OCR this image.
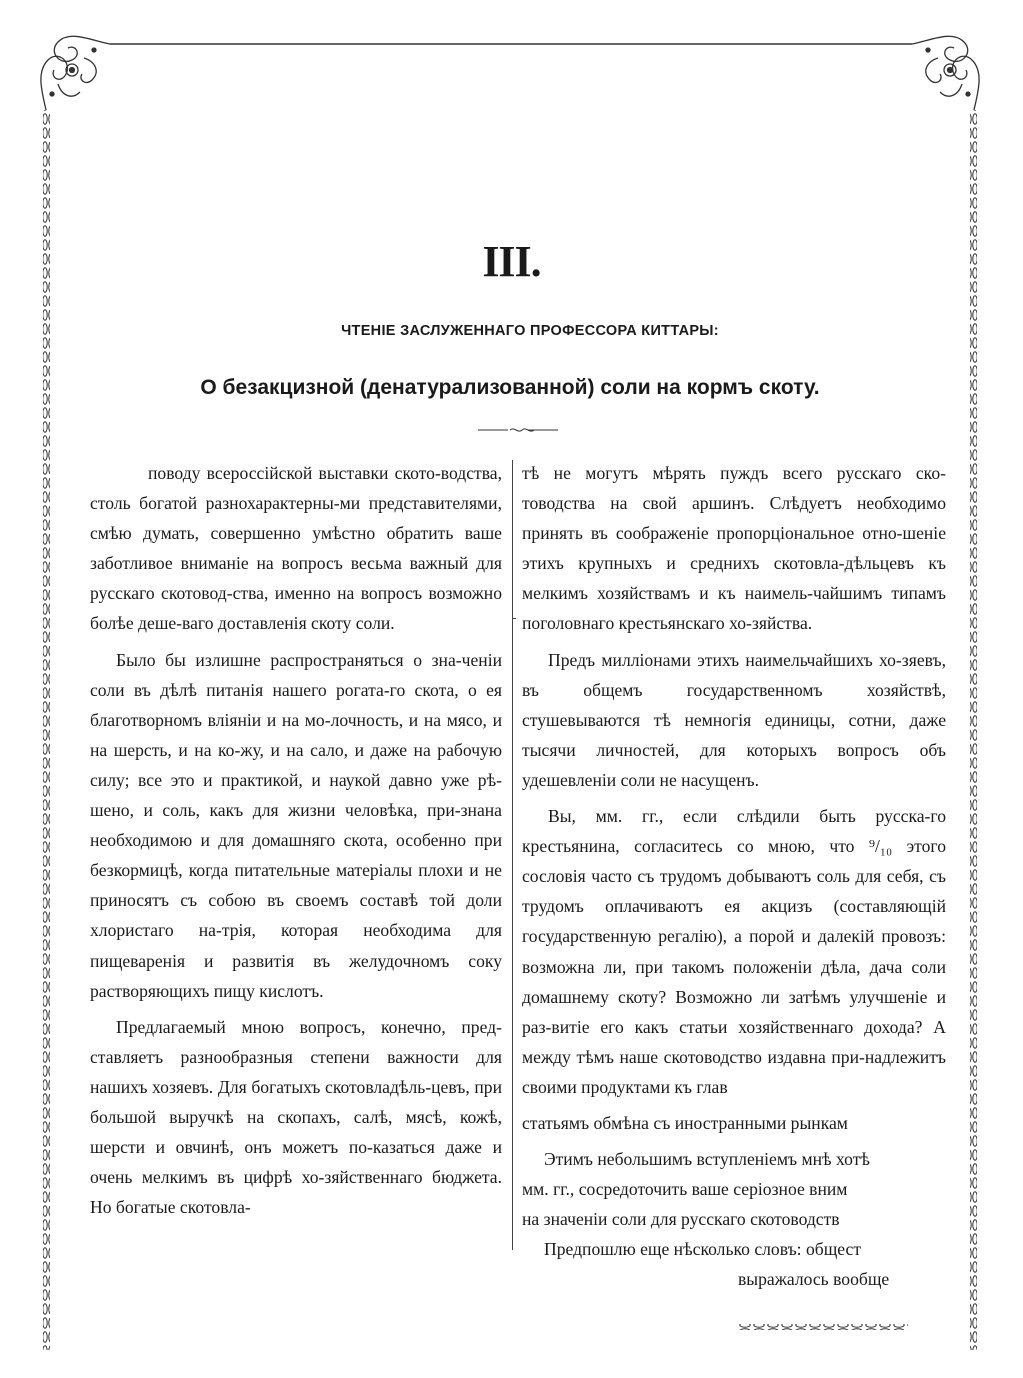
III.
ЧТЕНІЕ ЗАСЛУЖЕННАГО ПРОФЕССОРА КИТТАРЫ:
О безакцизной (денатурализованной) соли на кормъ скоту.

поводу всероссійской выставки ското-водства, столь богатой разнохарактерны-ми представителями, смѣю думать, совершенно умѣстно обратить ваше заботливое вниманіе на вопросъ весьма важный для русскаго скотовод-ства, именно на вопросъ возможно болѣе деше-ваго доставленія скоту соли.

Было бы излишне распространяться о зна-ченіи соли въ дѣлѣ питанія нашего рогата-го скота, о ея благотворномъ вліяніи и на мо-лочность, и на мясо, и на шерсть, и на ко-жу, и на сало, и даже на рабочую силу; все это и практикой, и наукой давно уже рѣ-шено, и соль, какъ для жизни человѣка, при-знана необходимою и для домашняго скота, особенно при безкормицѣ, когда питательные матеріалы плохи и не приносятъ съ собою въ своемъ составѣ той доли хлористаго на-трія, которая необходима для пищеваренія и развитія въ желудочномъ соку растворяющихъ пищу кислотъ.

Предлагаемый мною вопросъ, конечно, пред-ставляетъ разнообразныя степени важности для нашихъ хозяевъ. Для богатыхъ скотовладѣль-цевъ, при большой выручкѣ на скопахъ, салѣ, мясѣ, кожѣ, шерсти и овчинѣ, онъ можетъ по-казаться даже и очень мелкимъ въ цифрѣ хо-зяйственнаго бюджета. Но богатые скотовла-

тѣ не могутъ мѣрять пуждъ всего русскаго ско-товодства на свой аршинъ. Слѣдуетъ необходимо принять въ соображеніе пропорціональное отно-шеніе этихъ крупныхъ и среднихъ скотовла-дѣльцевъ къ мелкимъ хозяйствамъ и къ наимель-чайшимъ типамъ поголовнаго крестьянскаго хо-зяйства.

Предъ милліонами этихъ наимельчайшихъ хо-зяевъ, въ общемъ государственномъ хозяйствѣ, стушевываются тѣ немногія единицы, сотни, даже тысячи личностей, для которыхъ вопросъ объ удешевленіи соли не насущенъ.

Вы, мм. гг., если слѣдили быть русска-го крестьянина, согласитесь со мною, что ⁹/₁₀ этого сословія часто съ трудомъ добываютъ соль для себя, съ трудомъ оплачиваютъ ея акцизъ (составляющій государственную регалію), а порой и далекій провозъ: возможна ли, при такомъ положеніи дѣла, дача соли домашнему скоту? Возможно ли затѣмъ улучшеніе и раз-витіе его какъ статьи хозяйственнаго дохода? А между тѣмъ наше скотоводство издавна при-надлежитъ своими продуктами къ глав

статьямъ обмѣна съ иностранными рынкам
Этимъ небольшимъ вступленіемъ мнѣ хотѣ
мм. гг., сосредоточить ваше серіозное вним
на значеніи соли для русскаго скотоводств
Предпошлю еще нѣсколько словъ: общест
выражалось вообще
